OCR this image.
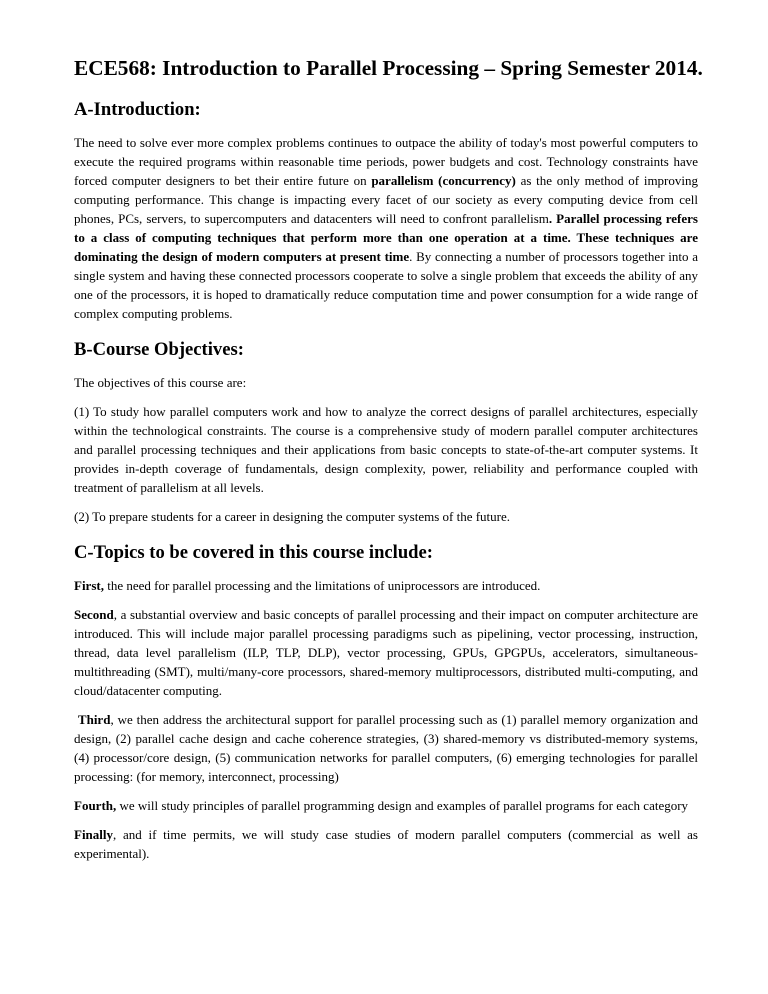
ECE568: Introduction to Parallel Processing – Spring Semester 2014.
A-Introduction:

The need to solve ever more complex problems continues to outpace the ability of today's most powerful computers to execute the required programs within reasonable time periods, power budgets and cost. Technology constraints have forced computer designers to bet their entire future on parallelism (concurrency) as the only method of improving computing performance. This change is impacting every facet of our society as every computing device from cell phones, PCs, servers, to supercomputers and datacenters will need to confront parallelism. Parallel processing refers to a class of computing techniques that perform more than one operation at a time. These techniques are dominating the design of modern computers at present time. By connecting a number of processors together into a single system and having these connected processors cooperate to solve a single problem that exceeds the ability of any one of the processors, it is hoped to dramatically reduce computation time and power consumption for a wide range of complex computing problems.

B-Course Objectives:

The objectives of this course are:

(1) To study how parallel computers work and how to analyze the correct designs of parallel architectures, especially within the technological constraints. The course is a comprehensive study of modern parallel computer architectures and parallel processing techniques and their applications from basic concepts to state-of-the-art computer systems. It provides in-depth coverage of fundamentals, design complexity, power, reliability and performance coupled with treatment of parallelism at all levels.

(2) To prepare students for a career in designing the computer systems of the future.

C-Topics to be covered in this course include:

First, the need for parallel processing and the limitations of uniprocessors are introduced.

Second, a substantial overview and basic concepts of parallel processing and their impact on computer architecture are introduced. This will include major parallel processing paradigms such as pipelining, vector processing, instruction, thread, data level parallelism (ILP, TLP, DLP), vector processing, GPUs, GPGPUs, accelerators, simultaneous-multithreading (SMT), multi/many-core processors, shared-memory multiprocessors, distributed multi-computing, and cloud/datacenter computing.

Third, we then address the architectural support for parallel processing such as (1) parallel memory organization and design, (2) parallel cache design and cache coherence strategies, (3) shared-memory vs distributed-memory systems, (4) processor/core design, (5) communication networks for parallel computers, (6) emerging technologies for parallel processing: (for memory, interconnect, processing)

Fourth, we will study principles of parallel programming design and examples of parallel programs for each category

Finally, and if time permits, we will study case studies of modern parallel computers (commercial as well as experimental).
